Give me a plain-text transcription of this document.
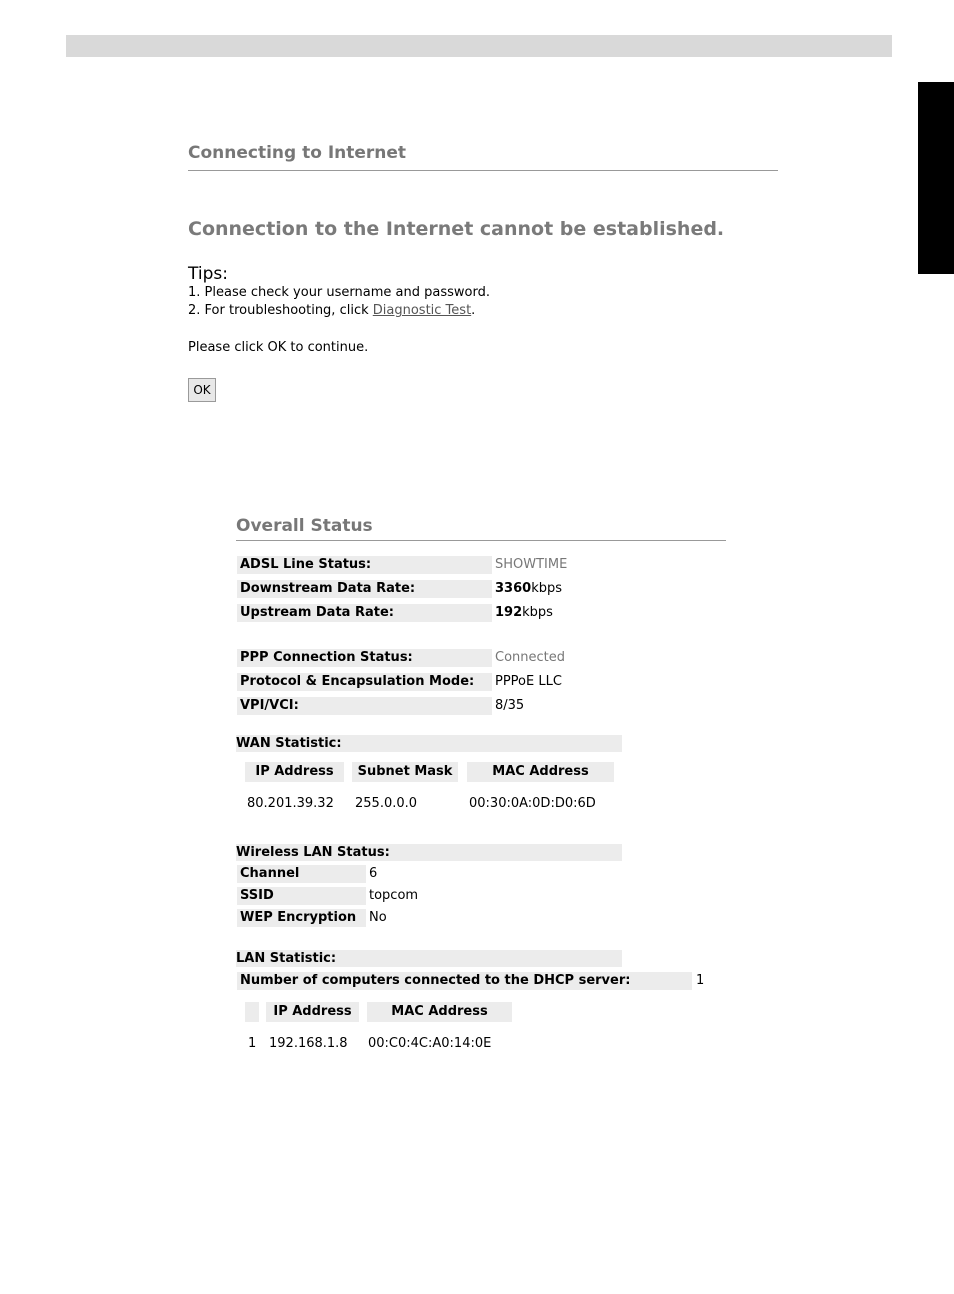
Connecting to Internet
Connection to the Internet cannot be established.
Tips:
1. Please check your username and password.
2. For troubleshooting, click Diagnostic Test.
Please click OK to continue.
OK
Overall Status
ADSL Line Status:	SHOWTIME
Downstream Data Rate:	3360kbps
Upstream Data Rate:	192kbps
PPP Connection Status:	Connected
Protocol & Encapsulation Mode:	PPPoE LLC
VPI/VCI:	8/35
WAN Statistic:
IP Address	Subnet Mask	MAC Address
80.201.39.32 255.0.0.0	00:30:0A:0D:D0:6D
Wireless LAN Status:
Channel	6
SSID	topcom
WEP Encryption No
LAN Statistic:
Number of computers connected to the DHCP server:	1
IP Address	MAC Address
1 192.168.1.8 00:C0:4C:A0:14:0E
